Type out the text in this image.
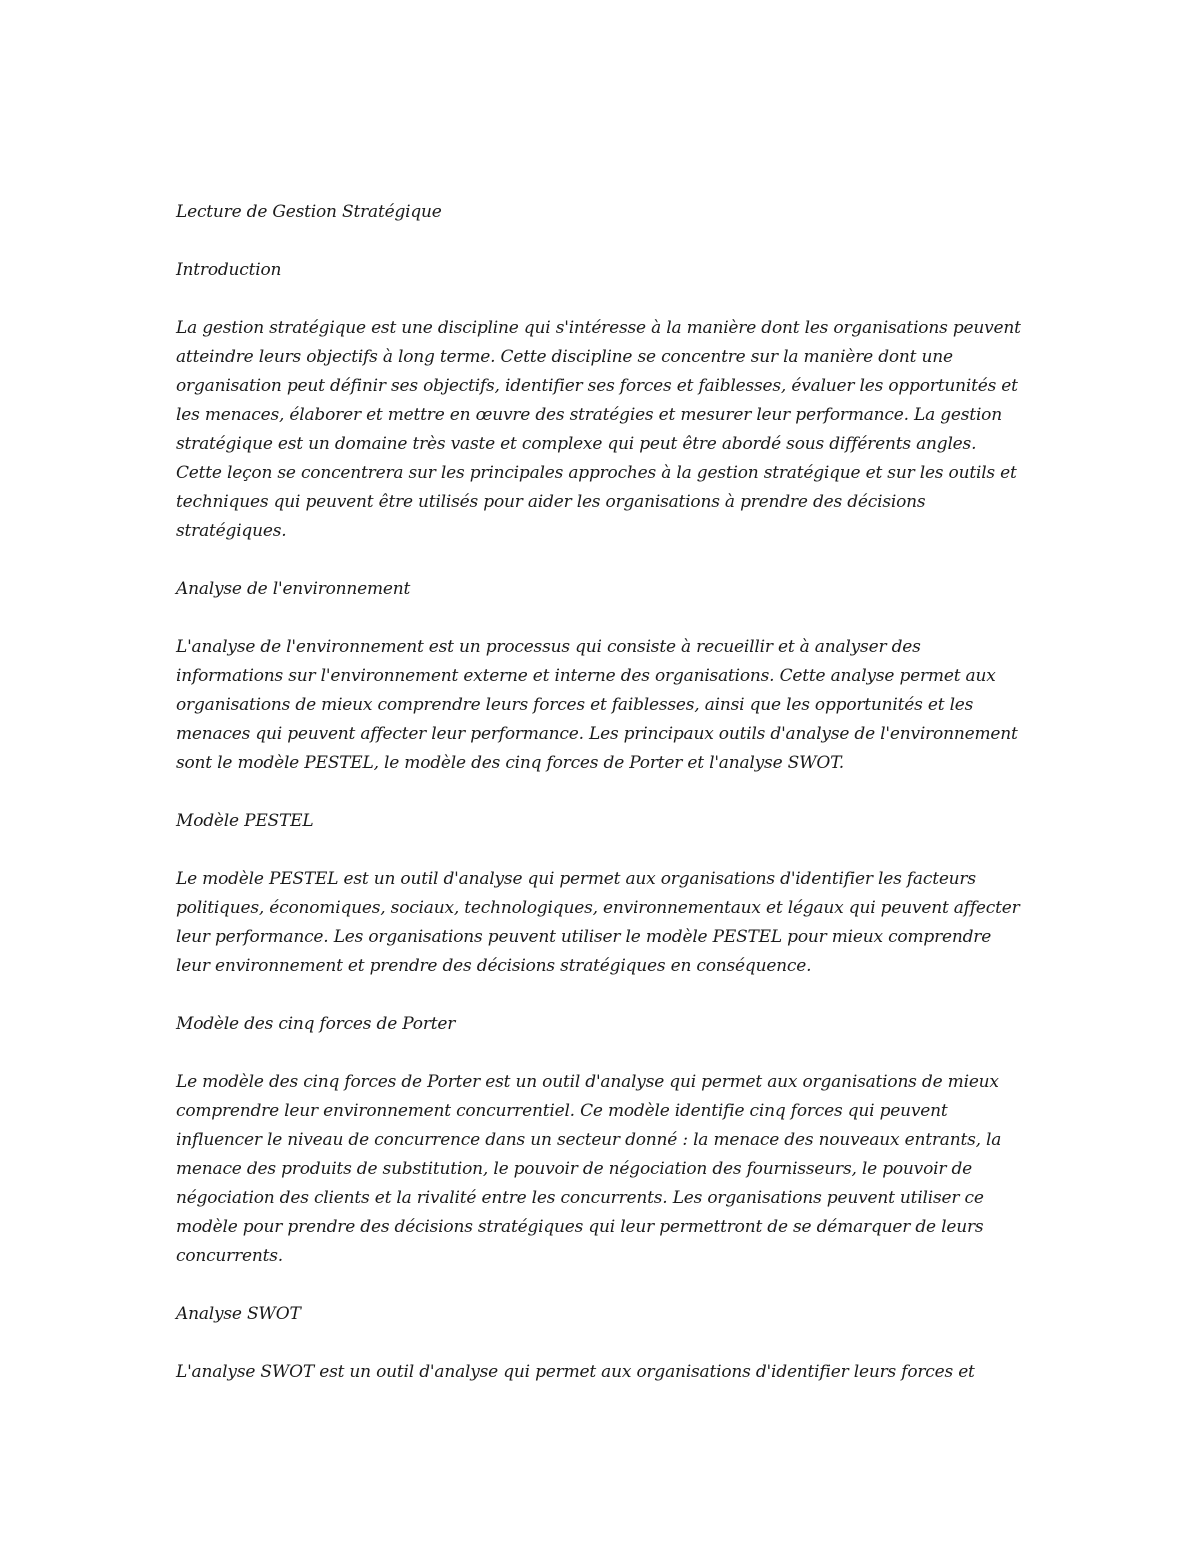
Lecture de Gestion Stratégique

Introduction

La gestion stratégique est une discipline qui s'intéresse à la manière dont les organisations peuvent atteindre leurs objectifs à long terme. Cette discipline se concentre sur la manière dont une organisation peut définir ses objectifs, identifier ses forces et faiblesses, évaluer les opportunités et les menaces, élaborer et mettre en œuvre des stratégies et mesurer leur performance. La gestion stratégique est un domaine très vaste et complexe qui peut être abordé sous différents angles. Cette leçon se concentrera sur les principales approches à la gestion stratégique et sur les outils et techniques qui peuvent être utilisés pour aider les organisations à prendre des décisions stratégiques.

Analyse de l'environnement

L'analyse de l'environnement est un processus qui consiste à recueillir et à analyser des informations sur l'environnement externe et interne des organisations. Cette analyse permet aux organisations de mieux comprendre leurs forces et faiblesses, ainsi que les opportunités et les menaces qui peuvent affecter leur performance. Les principaux outils d'analyse de l'environnement sont le modèle PESTEL, le modèle des cinq forces de Porter et l'analyse SWOT.

Modèle PESTEL

Le modèle PESTEL est un outil d'analyse qui permet aux organisations d'identifier les facteurs politiques, économiques, sociaux, technologiques, environnementaux et légaux qui peuvent affecter leur performance. Les organisations peuvent utiliser le modèle PESTEL pour mieux comprendre leur environnement et prendre des décisions stratégiques en conséquence.

Modèle des cinq forces de Porter

Le modèle des cinq forces de Porter est un outil d'analyse qui permet aux organisations de mieux comprendre leur environnement concurrentiel. Ce modèle identifie cinq forces qui peuvent influencer le niveau de concurrence dans un secteur donné : la menace des nouveaux entrants, la menace des produits de substitution, le pouvoir de négociation des fournisseurs, le pouvoir de négociation des clients et la rivalité entre les concurrents. Les organisations peuvent utiliser ce modèle pour prendre des décisions stratégiques qui leur permettront de se démarquer de leurs concurrents.

Analyse SWOT

L'analyse SWOT est un outil d'analyse qui permet aux organisations d'identifier leurs forces et
